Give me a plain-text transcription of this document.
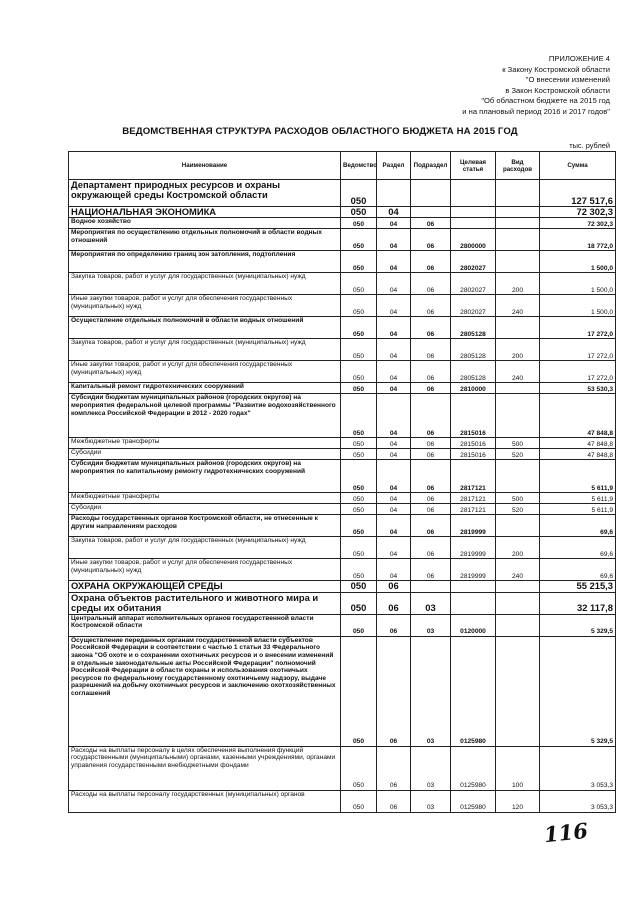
ПРИЛОЖЕНИЕ 4
к Закону Костромской области
"О внесении изменений
в Закон Костромской области
"Об областном бюджете на 2015 год
и на плановый период 2016 и 2017 годов"
ВЕДОМСТВЕННАЯ СТРУКТУРА РАСХОДОВ ОБЛАСТНОГО БЮДЖЕТА НА 2015 ГОД
тыс. рублей
Наименование	Ведомство	Раздел	Подраздел	Целевая статья	Вид расходов	Сумма
Департамент природных ресурсов и охраны окружающей среды Костромской области	050					127 517,6
НАЦИОНАЛЬНАЯ ЭКОНОМИКА	050	04				72 302,3
Водное хозяйство	050	04	06			72 302,3
Мероприятия по осуществлению отдельных полномочий в области водных отношений	050	04	06	2800000		18 772,0
Мероприятия по определению границ зон затопления, подтопления	050	04	06	2802027		1 500,0
Закупка товаров, работ и услуг для государственных (муниципальных) нужд	050	04	06	2802027	200	1 500,0
Иные закупки товаров, работ и услуг для обеспечения государственных (муниципальных) нужд	050	04	06	2802027	240	1 500,0
Осуществление отдельных полномочий в области водных отношений	050	04	06	2805128		17 272,0
Закупка товаров, работ и услуг для государственных (муниципальных) нужд	050	04	06	2805128	200	17 272,0
Иные закупки товаров, работ и услуг для обеспечения государственных (муниципальных) нужд	050	04	06	2805128	240	17 272,0
Капитальный ремонт гидротехнических сооружений	050	04	06	2810000		53 530,3
Субсидии бюджетам муниципальных районов (городских округов) на мероприятия федеральной целевой программы "Развитие водохозяйственного комплекса Российской Федерации в 2012 - 2020 годах"	050	04	06	2815016		47 848,8
Межбюджетные трансферты	050	04	06	2815016	500	47 848,8
Субсидии	050	04	06	2815016	520	47 848,8
Субсидии бюджетам муниципальных районов (городских округов) на мероприятия по капитальному ремонту гидротехнических сооружений	050	04	06	2817121		5 611,9
Межбюджетные трансферты	050	04	06	2817121	500	5 611,9
Субсидии	050	04	06	2817121	520	5 611,9
Расходы государственных органов Костромской области, не отнесенные к другим направлениям расходов	050	04	06	2819999		69,6
Закупка товаров, работ и услуг для государственных (муниципальных) нужд	050	04	06	2819999	200	69,6
Иные закупки товаров, работ и услуг для обеспечения государственных (муниципальных) нужд	050	04	06	2819999	240	69,6
ОХРАНА ОКРУЖАЮЩЕЙ СРЕДЫ	050	06				55 215,3
Охрана объектов растительного и животного мира и среды их обитания	050	06	03			32 117,8
Центральный аппарат исполнительных органов государственной власти Костромской области	050	06	03	0120000		5 329,5
Осуществление переданных органам государственной власти субъектов Российской Федерации в соответствии с частью 1 статьи 33 Федерального закона "Об охоте и о сохранении охотничьих ресурсов и о внесении изменений в отдельные законодательные акты Российской Федерации" полномочий Российской Федерации в области охраны и использования охотничьих ресурсов по федеральному государственному охотничьему надзору, выдаче разрешений на добычу охотничьих ресурсов и заключению охотхозяйственных соглашений	050	06	03	0125980		5 329,5
Расходы на выплаты персоналу в целях обеспечения выполнения функций государственными (муниципальными) органами, казенными учреждениями, органами управления государственными внебюджетными фондами	050	06	03	0125980	100	3 053,3
Расходы на выплаты персоналу государственных (муниципальных) органов	050	06	03	0125980	120	3 053,3
116
